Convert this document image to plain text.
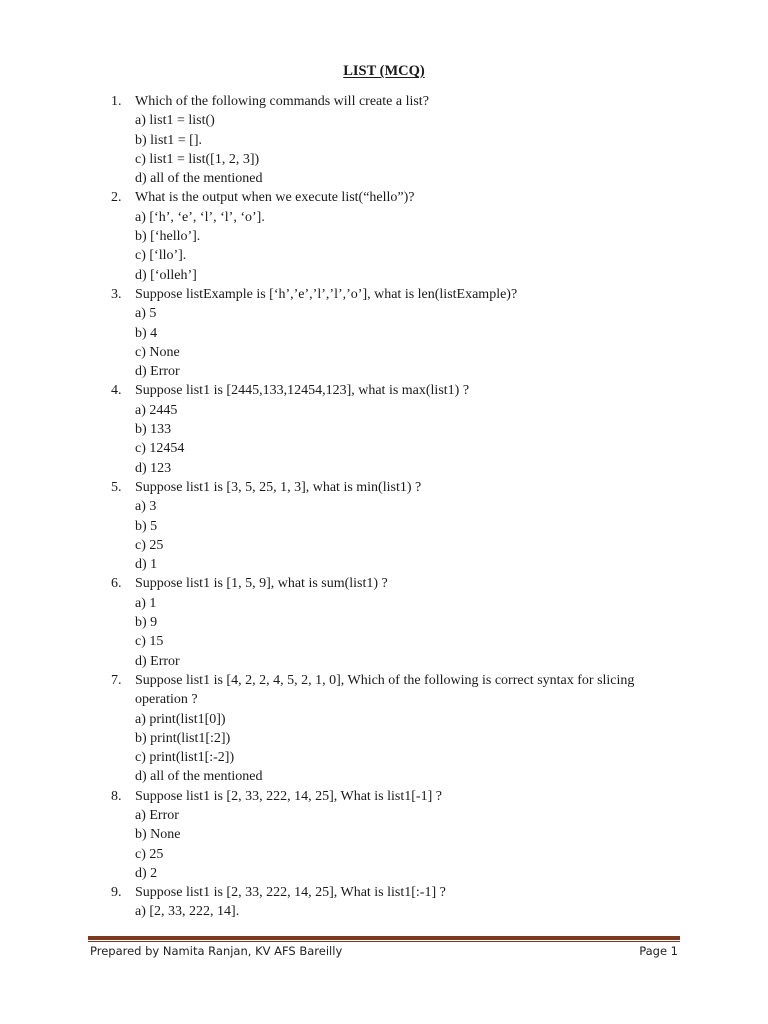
LIST (MCQ)
1. Which of the following commands will create a list?
a) list1 = list()
b) list1 = [].
c) list1 = list([1, 2, 3])
d) all of the mentioned
2. What is the output when we execute list(“hello”)?
a) [‘h’, ‘e’, ‘l’, ‘l’, ‘o’].
b) [‘hello’].
c) [‘llo’].
d) [‘olleh’]
3. Suppose listExample is [‘h’,’e’,’l’,’l’,’o’], what is len(listExample)?
a) 5
b) 4
c) None
d) Error
4. Suppose list1 is [2445,133,12454,123], what is max(list1) ?
a) 2445
b) 133
c) 12454
d) 123
5. Suppose list1 is [3, 5, 25, 1, 3], what is min(list1) ?
a) 3
b) 5
c) 25
d) 1
6. Suppose list1 is [1, 5, 9], what is sum(list1) ?
a) 1
b) 9
c) 15
d) Error
7. Suppose list1 is [4, 2, 2, 4, 5, 2, 1, 0], Which of the following is correct syntax for slicing
operation ?
a) print(list1[0])
b) print(list1[:2])
c) print(list1[:-2])
d) all of the mentioned
8. Suppose list1 is [2, 33, 222, 14, 25], What is list1[-1] ?
a) Error
b) None
c) 25
d) 2
9. Suppose list1 is [2, 33, 222, 14, 25], What is list1[:-1] ?
a) [2, 33, 222, 14].
Prepared by Namita Ranjan, KV AFS Bareilly	Page 1
